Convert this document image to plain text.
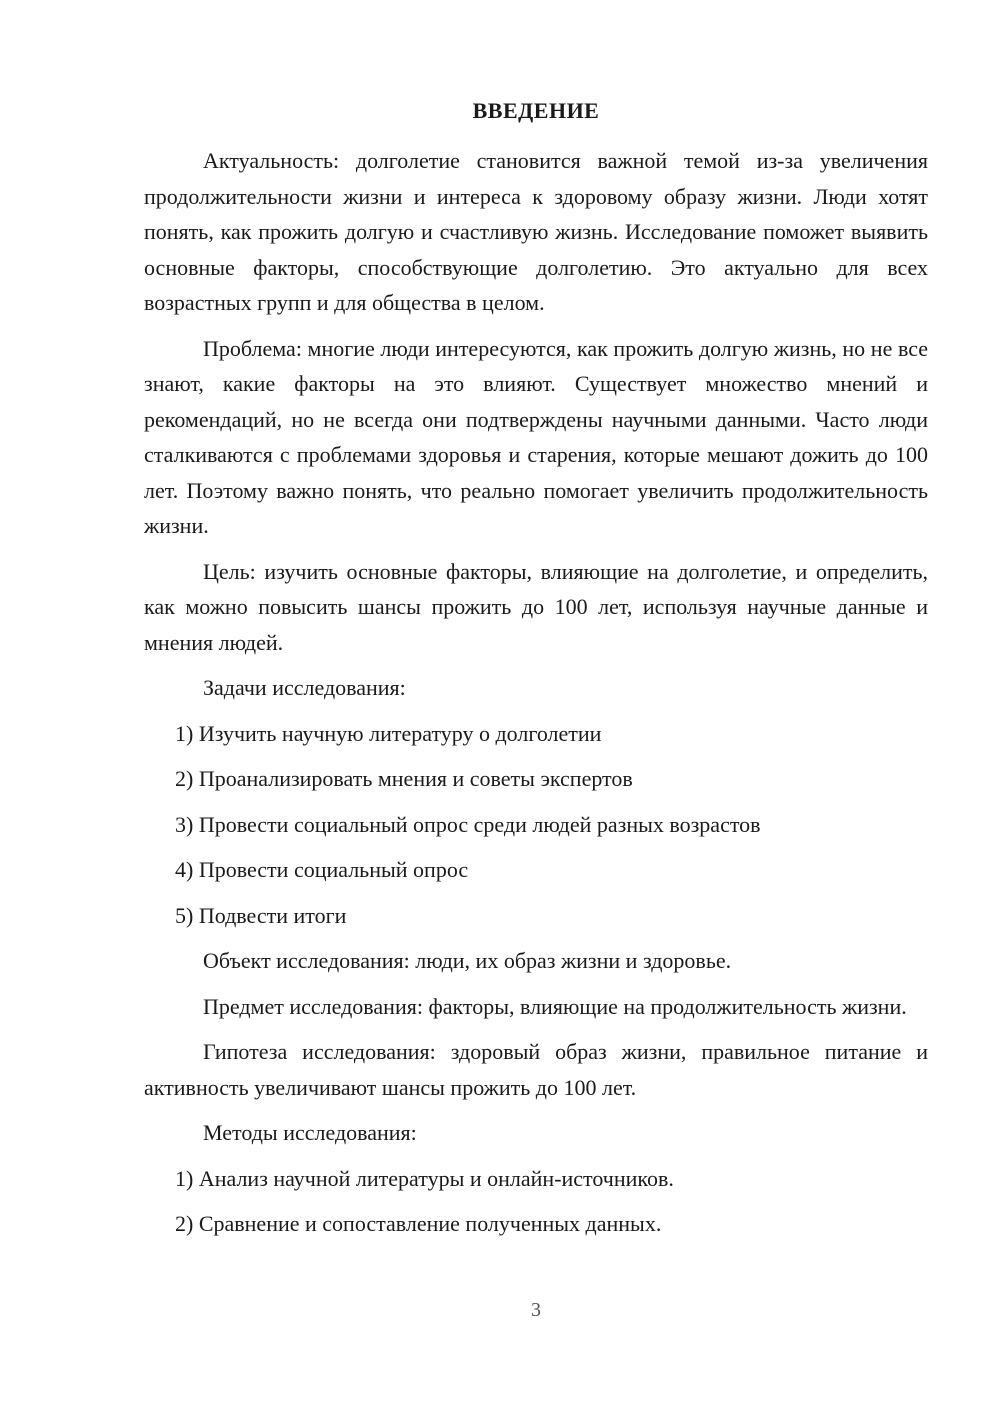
ВВЕДЕНИЕ

Актуальность: долголетие становится важной темой из-за увеличения продолжительности жизни и интереса к здоровому образу жизни. Люди хотят понять, как прожить долгую и счастливую жизнь. Исследование поможет выявить основные факторы, способствующие долголетию. Это актуально для всех возрастных групп и для общества в целом.

Проблема: многие люди интересуются, как прожить долгую жизнь, но не все знают, какие факторы на это влияют. Существует множество мнений и рекомендаций, но не всегда они подтверждены научными данными. Часто люди сталкиваются с проблемами здоровья и старения, которые мешают дожить до 100 лет. Поэтому важно понять, что реально помогает увеличить продолжительность жизни.

Цель: изучить основные факторы, влияющие на долголетие, и определить, как можно повысить шансы прожить до 100 лет, используя научные данные и мнения людей.

Задачи исследования:

1) Изучить научную литературу о долголетии

2) Проанализировать мнения и советы экспертов

3) Провести социальный опрос среди людей разных возрастов

4) Провести социальный опрос

5) Подвести итоги

Объект исследования: люди, их образ жизни и здоровье.

Предмет исследования: факторы, влияющие на продолжительность жизни.

Гипотеза исследования: здоровый образ жизни, правильное питание и активность увеличивают шансы прожить до 100 лет.

Методы исследования:

1) Анализ научной литературы и онлайн-источников.

2) Сравнение и сопоставление полученных данных.

3
